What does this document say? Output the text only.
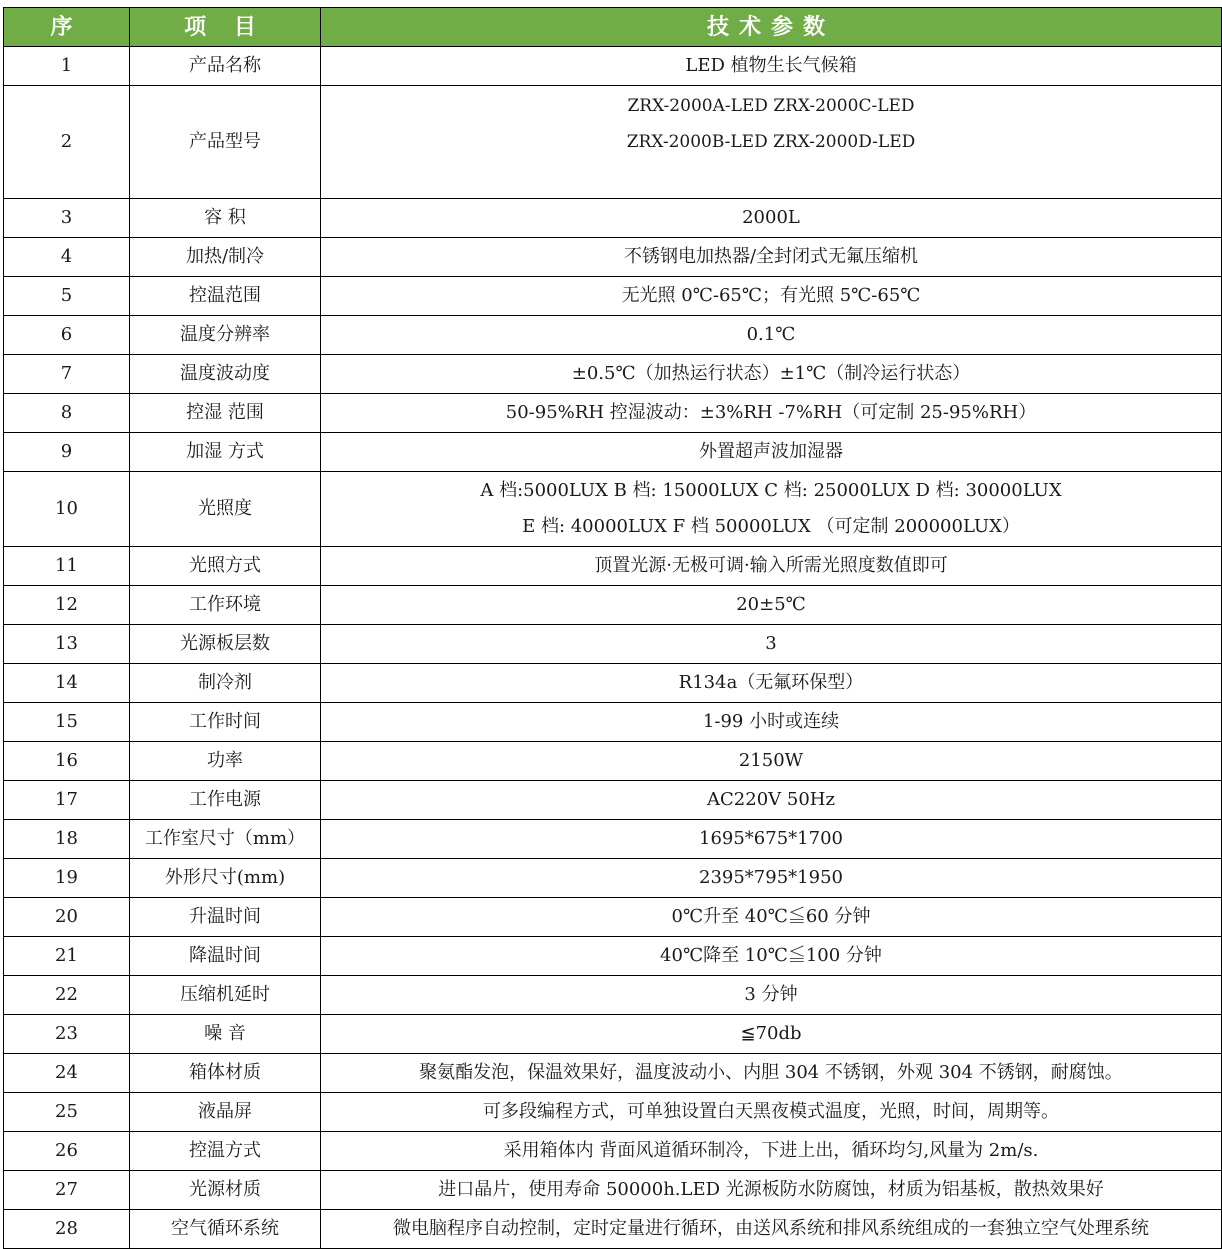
序	项 目	技术参数
1	产品名称	LED 植物生长气候箱
2	产品型号	ZRX-2000A-LED ZRX-2000C-LED
ZRX-2000B-LED ZRX-2000D-LED

3	容 积	2000L
4	加热/制冷	不锈钢电加热器/全封闭式无氟压缩机
5	控温范围	无光照 0℃-65℃；有光照 5℃-65℃
6	温度分辨率	0.1℃
7	温度波动度	±0.5℃（加热运行状态）±1℃（制冷运行状态）
8	控湿 范围	50-95%RH 控湿波动：±3%RH -7%RH（可定制 25-95%RH）
9	加湿 方式	外置超声波加湿器
10	光照度	A 档:5000LUX B 档: 15000LUX C 档: 25000LUX D 档: 30000LUX
E 档: 40000LUX F 档 50000LUX （可定制 200000LUX）

11	光照方式	顶置光源·无极可调·输入所需光照度数值即可
12	工作环境	20±5℃
13	光源板层数	3
14	制冷剂	R134a（无氟环保型）
15	工作时间	1-99 小时或连续
16	功率	2150W
17	工作电源	AC220V 50Hz
18	工作室尺寸（mm）	1695*675*1700
19	外形尺寸(mm)	2395*795*1950
20	升温时间	0℃升至 40℃≦60 分钟
21	降温时间	40℃降至 10℃≦100 分钟
22	压缩机延时	3 分钟
23	噪 音	≦70db
24	箱体材质	聚氨酯发泡，保温效果好，温度波动小、内胆 304 不锈钢，外观 304 不锈钢，耐腐蚀。
25	液晶屏	可多段编程方式，可单独设置白天黑夜模式温度，光照，时间，周期等。
26	控温方式	采用箱体内 背面风道循环制冷，下进上出，循环均匀,风量为 2m/s.
27	光源材质	进口晶片，使用寿命 50000h.LED 光源板防水防腐蚀，材质为铝基板，散热效果好
28	空气循环系统	微电脑程序自动控制，定时定量进行循环，由送风系统和排风系统组成的一套独立空气处理系统
